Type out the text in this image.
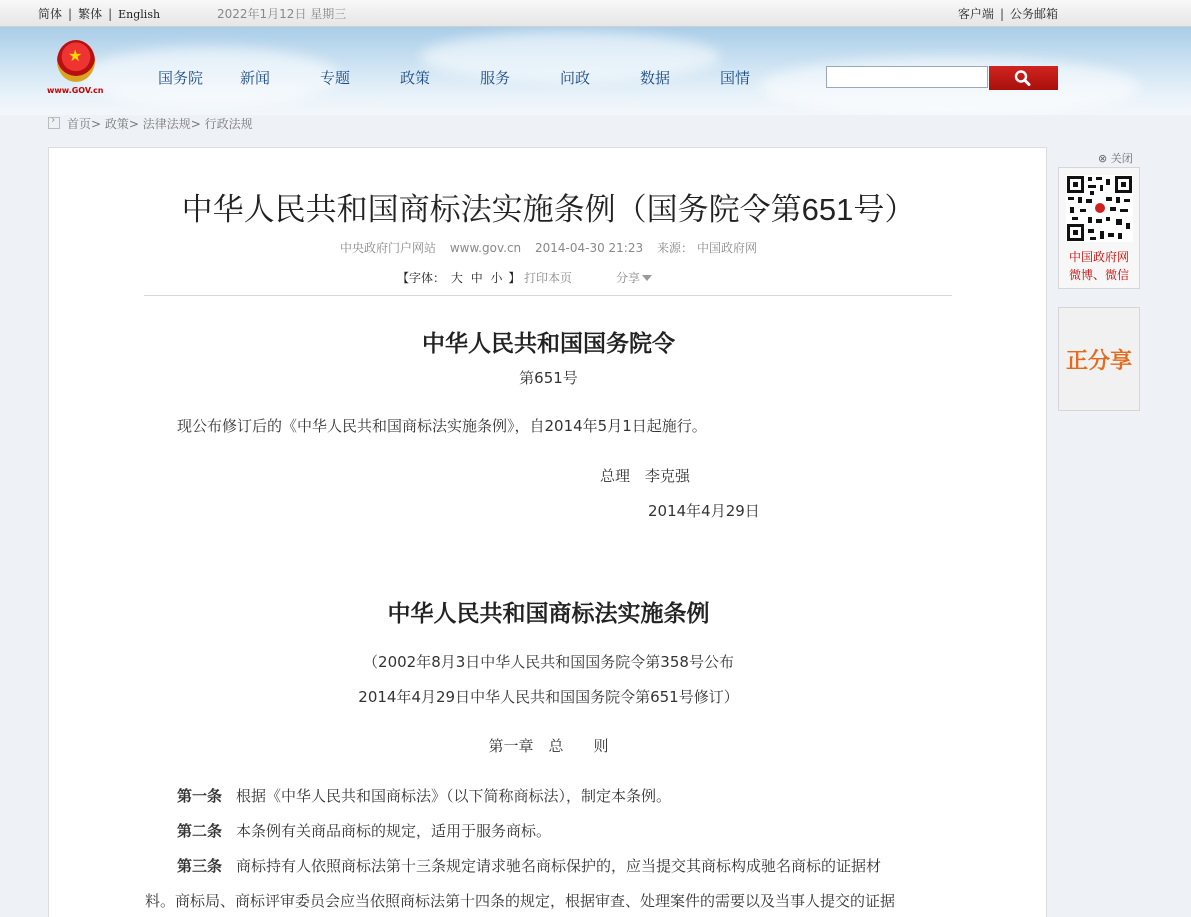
简体 | 繁体 | English	2022年1月12日 星期三	客户端 | 公务邮箱
★
www.GOV.cn
国务院 新闻	专题	政策	服务	问政	数据	国情
›首页> 政策> 法律法规> 行政法规
中华人民共和国商标法实施条例（国务院令第651号）
中央政府门户网站 www.gov.cn 2014-04-30 21:23 来源： 中国政府网
【字体： 大 中 小 】 打印本页	分享
中华人民共和国国务院令
第651号
现公布修订后的《中华人民共和国商标法实施条例》，自2014年5月1日起施行。
总理　李克强
2014年4月29日
中华人民共和国商标法实施条例
（2002年8月3日中华人民共和国国务院令第358号公布
2014年4月29日中华人民共和国国务院令第651号修订）
第一章　总　　则
第一条 根据《中华人民共和国商标法》（以下简称商标法），制定本条例。
第二条 本条例有关商品商标的规定，适用于服务商标。
第三条 商标持有人依照商标法第十三条规定请求驰名商标保护的，应当提交其商标构成驰名商标的证据材
料。商标局、商标评审委员会应当依照商标法第十四条的规定，根据审查、处理案件的需要以及当事人提交的证据
⊗ 关闭
中国政府网
微博、微信
正分享
